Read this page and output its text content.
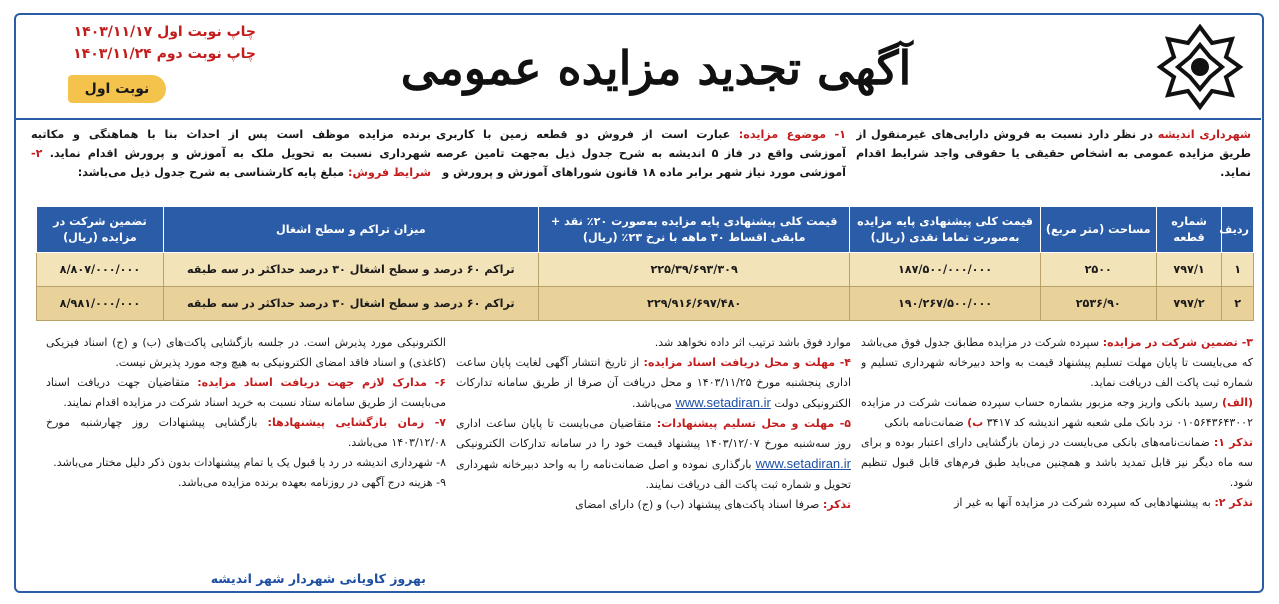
آگهی تجدید مزایده عمومی
چاپ نوبت اول ۱۴۰۳/۱۱/۱۷
چاپ نوبت دوم ۱۴۰۳/۱۱/۲۴
نوبت اول
شهرداری اندیشه در نظر دارد نسبت به فروش دارایی‌های غیرمنقول از طریق مزایده عمومی به اشخاص حقیقی یا حقوقی واجد شرایط اقدام نماید.
۱- موضوع مزایده: عبارت است از فروش دو قطعه زمین با کاربری آموزشی واقع در فاز ۵ اندیشه به شرح جدول ذیل به‌جهت تامین عرصه آموزشی مورد نیاز شهر برابر ماده ۱۸ قانون شوراهای آموزش و پرورش و
برنده مزایده موظف است پس از احداث بنا با هماهنگی و مکاتبه شهرداری نسبت به تحویل ملک به آموزش و پرورش اقدام نماید. ۲- شرایط فروش: مبلغ پایه کارشناسی به شرح جدول ذیل می‌باشد:
ردیف	شماره قطعه	مساحت (متر مربع)	قیمت کلی پیشنهادی پایه مزایده به‌صورت تماما نقدی (ریال)	قیمت کلی پیشنهادی پایه مزایده به‌صورت ۲۰٪ نقد + مابقی اقساط ۳۰ ماهه با نرخ ۲۳٪ (ریال)	میزان تراکم و سطح اشغال	تضمین شرکت در مزایده (ریال)
۱	۷۹۷/۱	۲۵۰۰	۱۸۷/۵۰۰/۰۰۰/۰۰۰	۲۲۵/۳۹/۶۹۳/۳۰۹	تراکم ۶۰ درصد و سطح اشغال ۳۰ درصد حداکثر در سه طبقه	۸/۸۰۷/۰۰۰/۰۰۰
۲	۷۹۷/۲	۲۵۳۶/۹۰	۱۹۰/۲۶۷/۵۰۰/۰۰۰	۲۲۹/۹۱۶/۶۹۷/۴۸۰	تراکم ۶۰ درصد و سطح اشغال ۳۰ درصد حداکثر در سه طبقه	۸/۹۸۱/۰۰۰/۰۰۰

۳- تضمین شرکت در مزایده: سپرده شرکت در مزایده مطابق جدول فوق می‌باشد که می‌بایست تا پایان مهلت تسلیم پیشنهاد قیمت به واحد دبیرخانه شهرداری تسلیم و شماره ثبت پاکت الف دریافت نماید.

(الف) رسید بانکی واریز وجه مزبور بشماره حساب سپرده ضمانت شرکت در مزایده ۰۱۰۵۶۴۳۶۴۳۰۰۲ نزد بانک ملی شعبه شهر اندیشه کد ۳۴۱۷ ب) ضمانت‌نامه بانکی

تذکر ۱: ضمانت‌نامه‌های بانکی می‌بایست در زمان بازگشایی دارای اعتبار بوده و برای سه ماه دیگر نیز قابل تمدید باشد و همچنین می‌باید طبق فرم‌های قابل قبول تنظیم شود.

تذکر ۲: به پیشنهادهایی که سپرده شرکت در مزایده آنها به غیر از

موارد فوق باشد ترتیب اثر داده نخواهد شد.

۴- مهلت و محل دریافت اسناد مزایده: از تاریخ انتشار آگهی لغایت پایان ساعت اداری پنجشنبه مورخ ۱۴۰۳/۱۱/۲۵ و محل دریافت آن صرفا از طریق سامانه تدارکات الکترونیکی دولت www.setadiran.ir می‌باشد.

۵- مهلت و محل تسلیم پیشنهادات: متقاضیان می‌بایست تا پایان ساعت اداری روز سه‌شنبه مورخ ۱۴۰۳/۱۲/۰۷ پیشنهاد قیمت خود را در سامانه تدارکات الکترونیکی www.setadiran.ir بارگذاری نموده و اصل ضمانت‌نامه را به واحد دبیرخانه شهرداری تحویل و شماره ثبت پاکت الف دریافت نمایند.

تذکر: صرفا اسناد پاکت‌های پیشنهاد (ب) و (ج) دارای امضای

الکترونیکی مورد پذیرش است. در جلسه بازگشایی پاکت‌های (ب) و (ج) اسناد فیزیکی (کاغذی) و اسناد فاقد امضای الکترونیکی به هیچ وجه مورد پذیرش نیست.

۶- مدارک لازم جهت دریافت اسناد مزایده: متقاضیان جهت دریافت اسناد می‌بایست از طریق سامانه ستاد نسبت به خرید اسناد شرکت در مزایده اقدام نمایند.

۷- زمان بازگشایی پیشنهادها: بازگشایی پیشنهادات روز چهارشنبه مورخ ۱۴۰۳/۱۲/۰۸ می‌باشد.

۸- شهرداری اندیشه در رد یا قبول یک یا تمام پیشنهادات بدون ذکر دلیل مختار می‌باشد.

۹- هزینه درج آگهی در روزنامه بعهده برنده مزایده می‌باشد.

بهروز کاویانی شهردار شهر اندیشه
